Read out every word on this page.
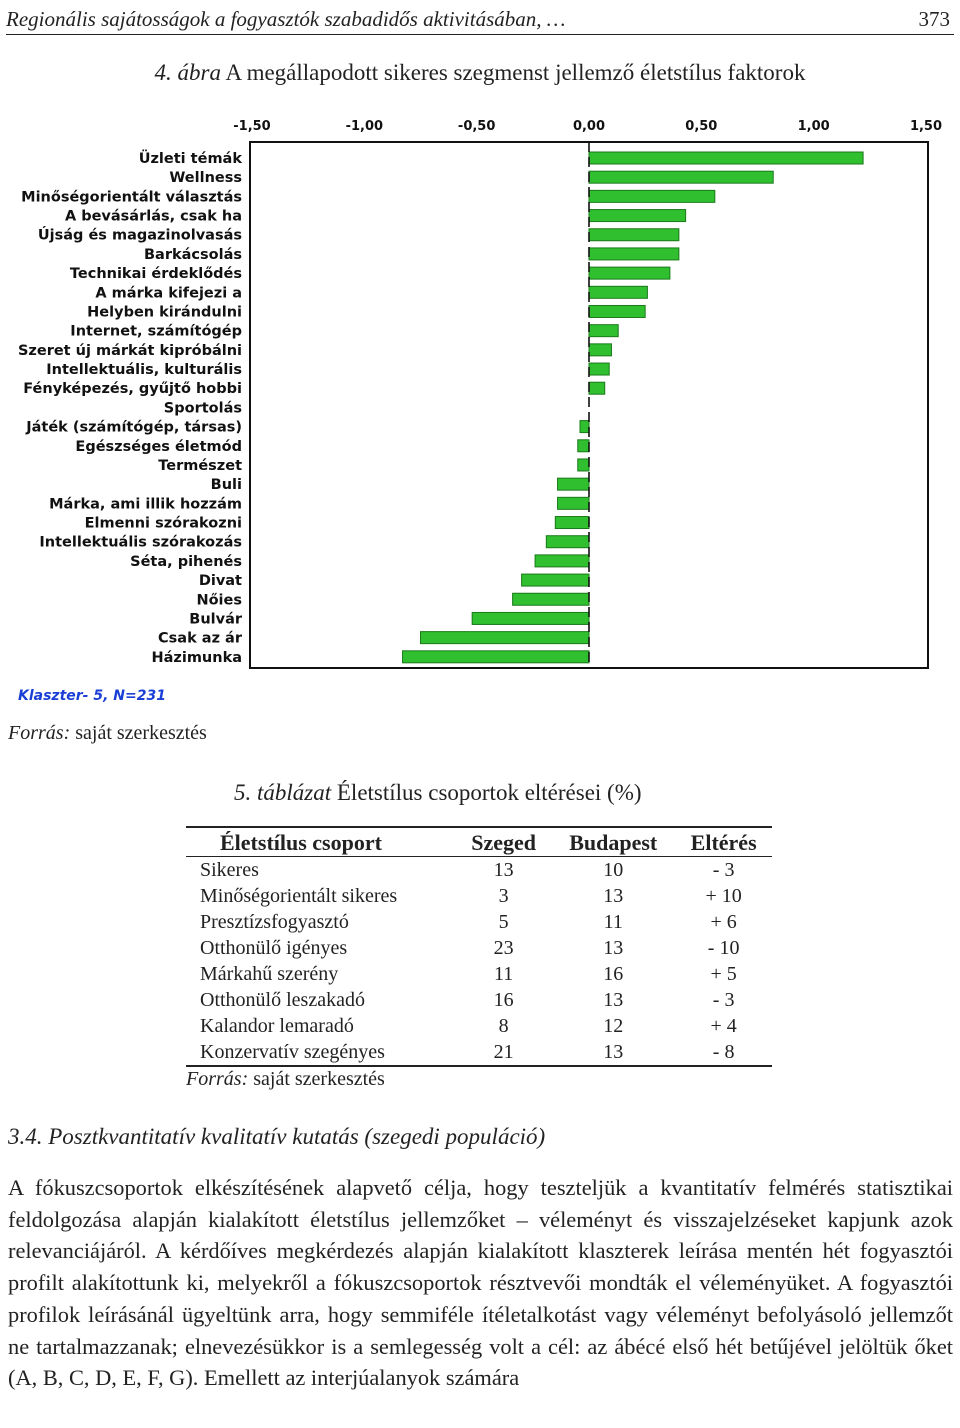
Regionális sajátosságok a fogyasztók szabadidős aktivitásában, …	373
4. ábra A megállapodott sikeres szegmenst jellemző életstílus faktorok
-1,50	-1,00	-0,50	0,00	0,50	1,00	1,50
Üzleti témák
Wellness
Minőségorientált választás
A bevásárlás, csak ha
Újság és magazinolvasás
Barkácsolás
Technikai érdeklődés
A márka kifejezi a
Helyben kirándulni
Internet, számítógép
Szeret új márkát kipróbálni
Intellektuális, kulturális
Fényképezés, gyűjtő hobbi
Sportolás
Játék (számítógép, társas)
Egészséges életmód
Természet
Buli
Márka, ami illik hozzám
Elmenni szórakozni
Intellektuális szórakozás
Séta, pihenés
Divat
Nőies
Bulvár
Csak az ár
Házimunka
Klaszter- 5, N=231
Forrás: saját szerkesztés
5. táblázat Életstílus csoportok eltérései (%)
Életstílus csoport	Szeged	Budapest	Eltérés
Sikeres	13	10	- 3
Minőségorientált sikeres	3	13	+ 10
Presztízsfogyasztó	5	11	+ 6
Otthonülő igényes	23	13	- 10
Márkahű szerény	11	16	+ 5
Otthonülő leszakadó	16	13	- 3
Kalandor lemaradó	8	12	+ 4
Konzervatív szegényes	21	13	- 8
Forrás: saját szerkesztés
3.4. Posztkvantitatív kvalitatív kutatás (szegedi populáció)
A fókuszcsoportok elkészítésének alapvető célja, hogy teszteljük a kvantitatív felmérés statisztikai feldolgozása alapján kialakított életstílus jellemzőket – véleményt és visszajelzéseket kapjunk azok relevanciájáról. A kérdőíves megkérdezés alapján kialakított klaszterek leírása mentén hét fogyasztói profilt alakítottunk ki, melyekről a fókuszcsoportok résztvevői mondták el véleményüket. A fogyasztói profilok leírásánál ügyeltünk arra, hogy semmiféle ítéletalkotást vagy véleményt befolyásoló jellemzőt ne tartalmazzanak; elnevezésükkor is a semlegesség volt a cél: az ábécé első hét betűjével jelöltük őket (A, B, C, D, E, F, G). Emellett az interjúalanyok számára
